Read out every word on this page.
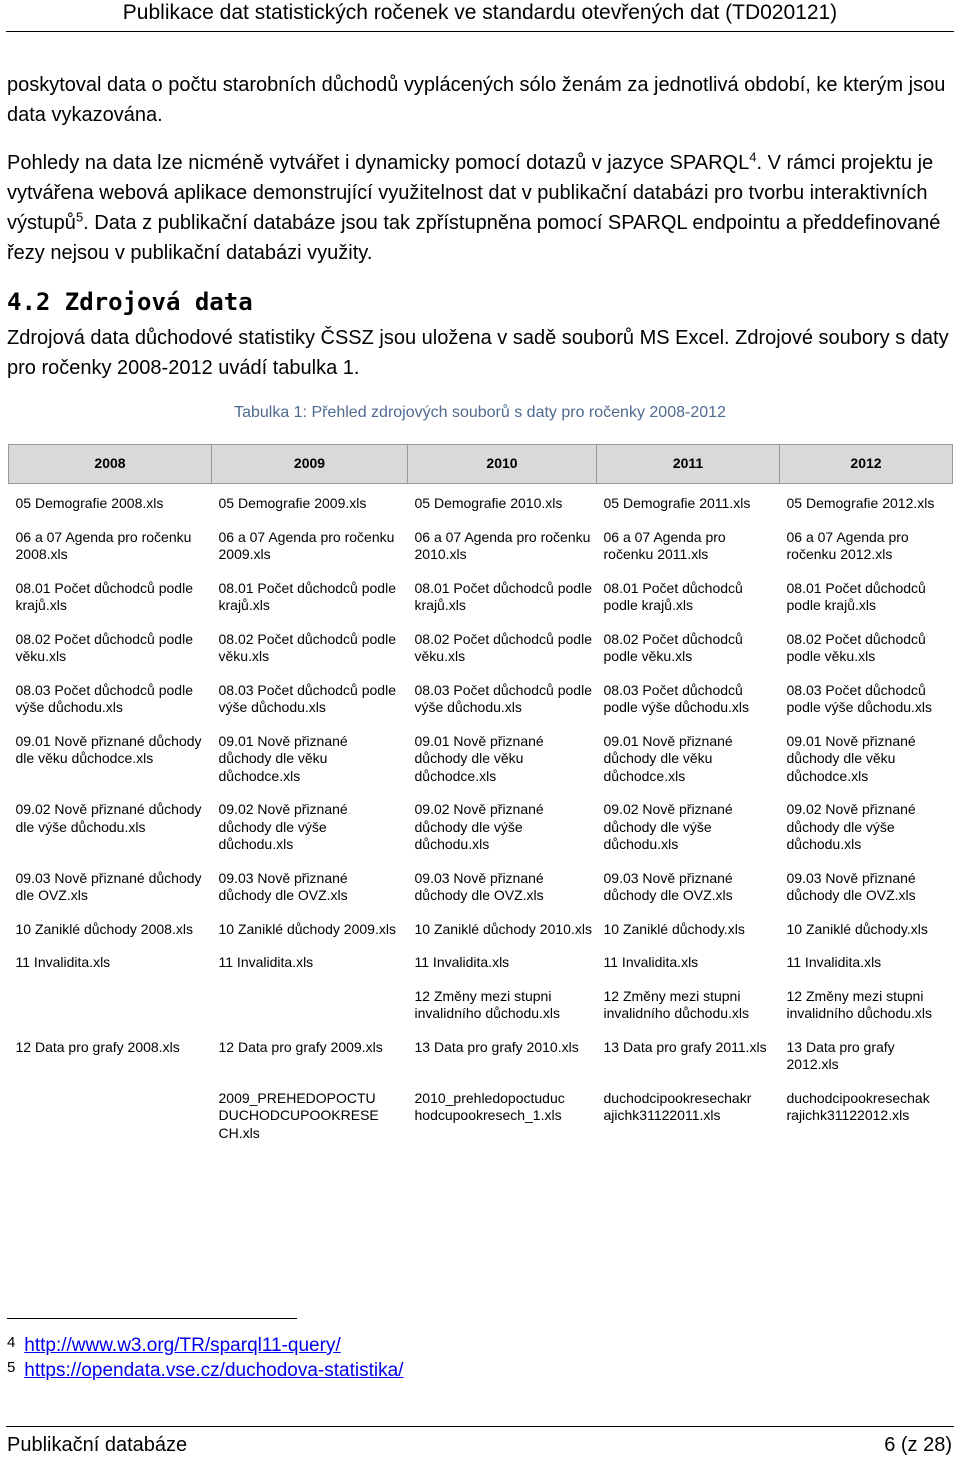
Publikace dat statistických ročenek ve standardu otevřených dat (TD020121)

poskytoval data o počtu starobních důchodů vyplácených sólo ženám za jednotlivá období, ke kterým jsou data vykazována.

Pohledy na data lze nicméně vytvářet i dynamicky pomocí dotazů v jazyce SPARQL$^4$. V rámci projektu je vytvářena webová aplikace demonstrující využitelnost dat v publikační databázi pro tvorbu interaktivních výstupů$^5$. Data z publikační databáze jsou tak zpřístupněna pomocí SPARQL endpointu a předdefinované řezy nejsou v publikační databázi využity.

4.2 Zdrojová data

Zdrojová data důchodové statistiky ČSSZ jsou uložena v sadě souborů MS Excel. Zdrojové soubory s daty pro ročenky 2008-2012 uvádí tabulka 1.

Tabulka 1: Přehled zdrojových souborů s daty pro ročenky 2008-2012
2008	2009	2010	2011	2012
05 Demografie 2008.xls	05 Demografie 2009.xls	05 Demografie 2010.xls	05 Demografie 2011.xls	05 Demografie 2012.xls
06 a 07 Agenda pro ročenku 2008.xls	06 a 07 Agenda pro ročenku 2009.xls	06 a 07 Agenda pro ročenku 2010.xls	06 a 07 Agenda pro ročenku 2011.xls	06 a 07 Agenda pro ročenku 2012.xls
08.01 Počet důchodců podle krajů.xls	08.01 Počet důchodců podle krajů.xls	08.01 Počet důchodců podle krajů.xls	08.01 Počet důchodců podle krajů.xls	08.01 Počet důchodců podle krajů.xls
08.02 Počet důchodců podle věku.xls	08.02 Počet důchodců podle věku.xls	08.02 Počet důchodců podle věku.xls	08.02 Počet důchodců podle věku.xls	08.02 Počet důchodců podle věku.xls
08.03 Počet důchodců podle výše důchodu.xls	08.03 Počet důchodců podle výše důchodu.xls	08.03 Počet důchodců podle výše důchodu.xls	08.03 Počet důchodců podle výše důchodu.xls	08.03 Počet důchodců podle výše důchodu.xls
09.01 Nově přiznané důchody dle věku důchodce.xls	09.01 Nově přiznané důchody dle věku důchodce.xls	09.01 Nově přiznané důchody dle věku důchodce.xls	09.01 Nově přiznané důchody dle věku důchodce.xls	09.01 Nově přiznané důchody dle věku důchodce.xls
09.02 Nově přiznané důchody dle výše důchodu.xls	09.02 Nově přiznané důchody dle výše důchodu.xls	09.02 Nově přiznané důchody dle výše důchodu.xls	09.02 Nově přiznané důchody dle výše důchodu.xls	09.02 Nově přiznané důchody dle výše důchodu.xls
09.03 Nově přiznané důchody dle OVZ.xls	09.03 Nově přiznané důchody dle OVZ.xls	09.03 Nově přiznané důchody dle OVZ.xls	09.03 Nově přiznané důchody dle OVZ.xls	09.03 Nově přiznané důchody dle OVZ.xls
10 Zaniklé důchody 2008.xls	10 Zaniklé důchody 2009.xls	10 Zaniklé důchody 2010.xls	10 Zaniklé důchody.xls	10 Zaniklé důchody.xls
11 Invalidita.xls	11 Invalidita.xls	11 Invalidita.xls	11 Invalidita.xls	11 Invalidita.xls
		12 Změny mezi stupni invalidního důchodu.xls	12 Změny mezi stupni invalidního důchodu.xls	12 Změny mezi stupni invalidního důchodu.xls
12 Data pro grafy 2008.xls	12 Data pro grafy 2009.xls	13 Data pro grafy 2010.xls	13 Data pro grafy 2011.xls	13 Data pro grafy 2012.xls
	2009_PREHEDOPOCTU DUCHODCUPOOKRESE CH.xls	2010_prehledopoctuduc hodcupookresech_1.xls	duchodcipookresechakr ajichk31122011.xls	duchodcipookresechak rajichk31122012.xls
4 http://www.w3.org/TR/sparql11-query/
5 https://opendata.vse.cz/duchodova-statistika/
Publikační databáze	6 (z 28)
